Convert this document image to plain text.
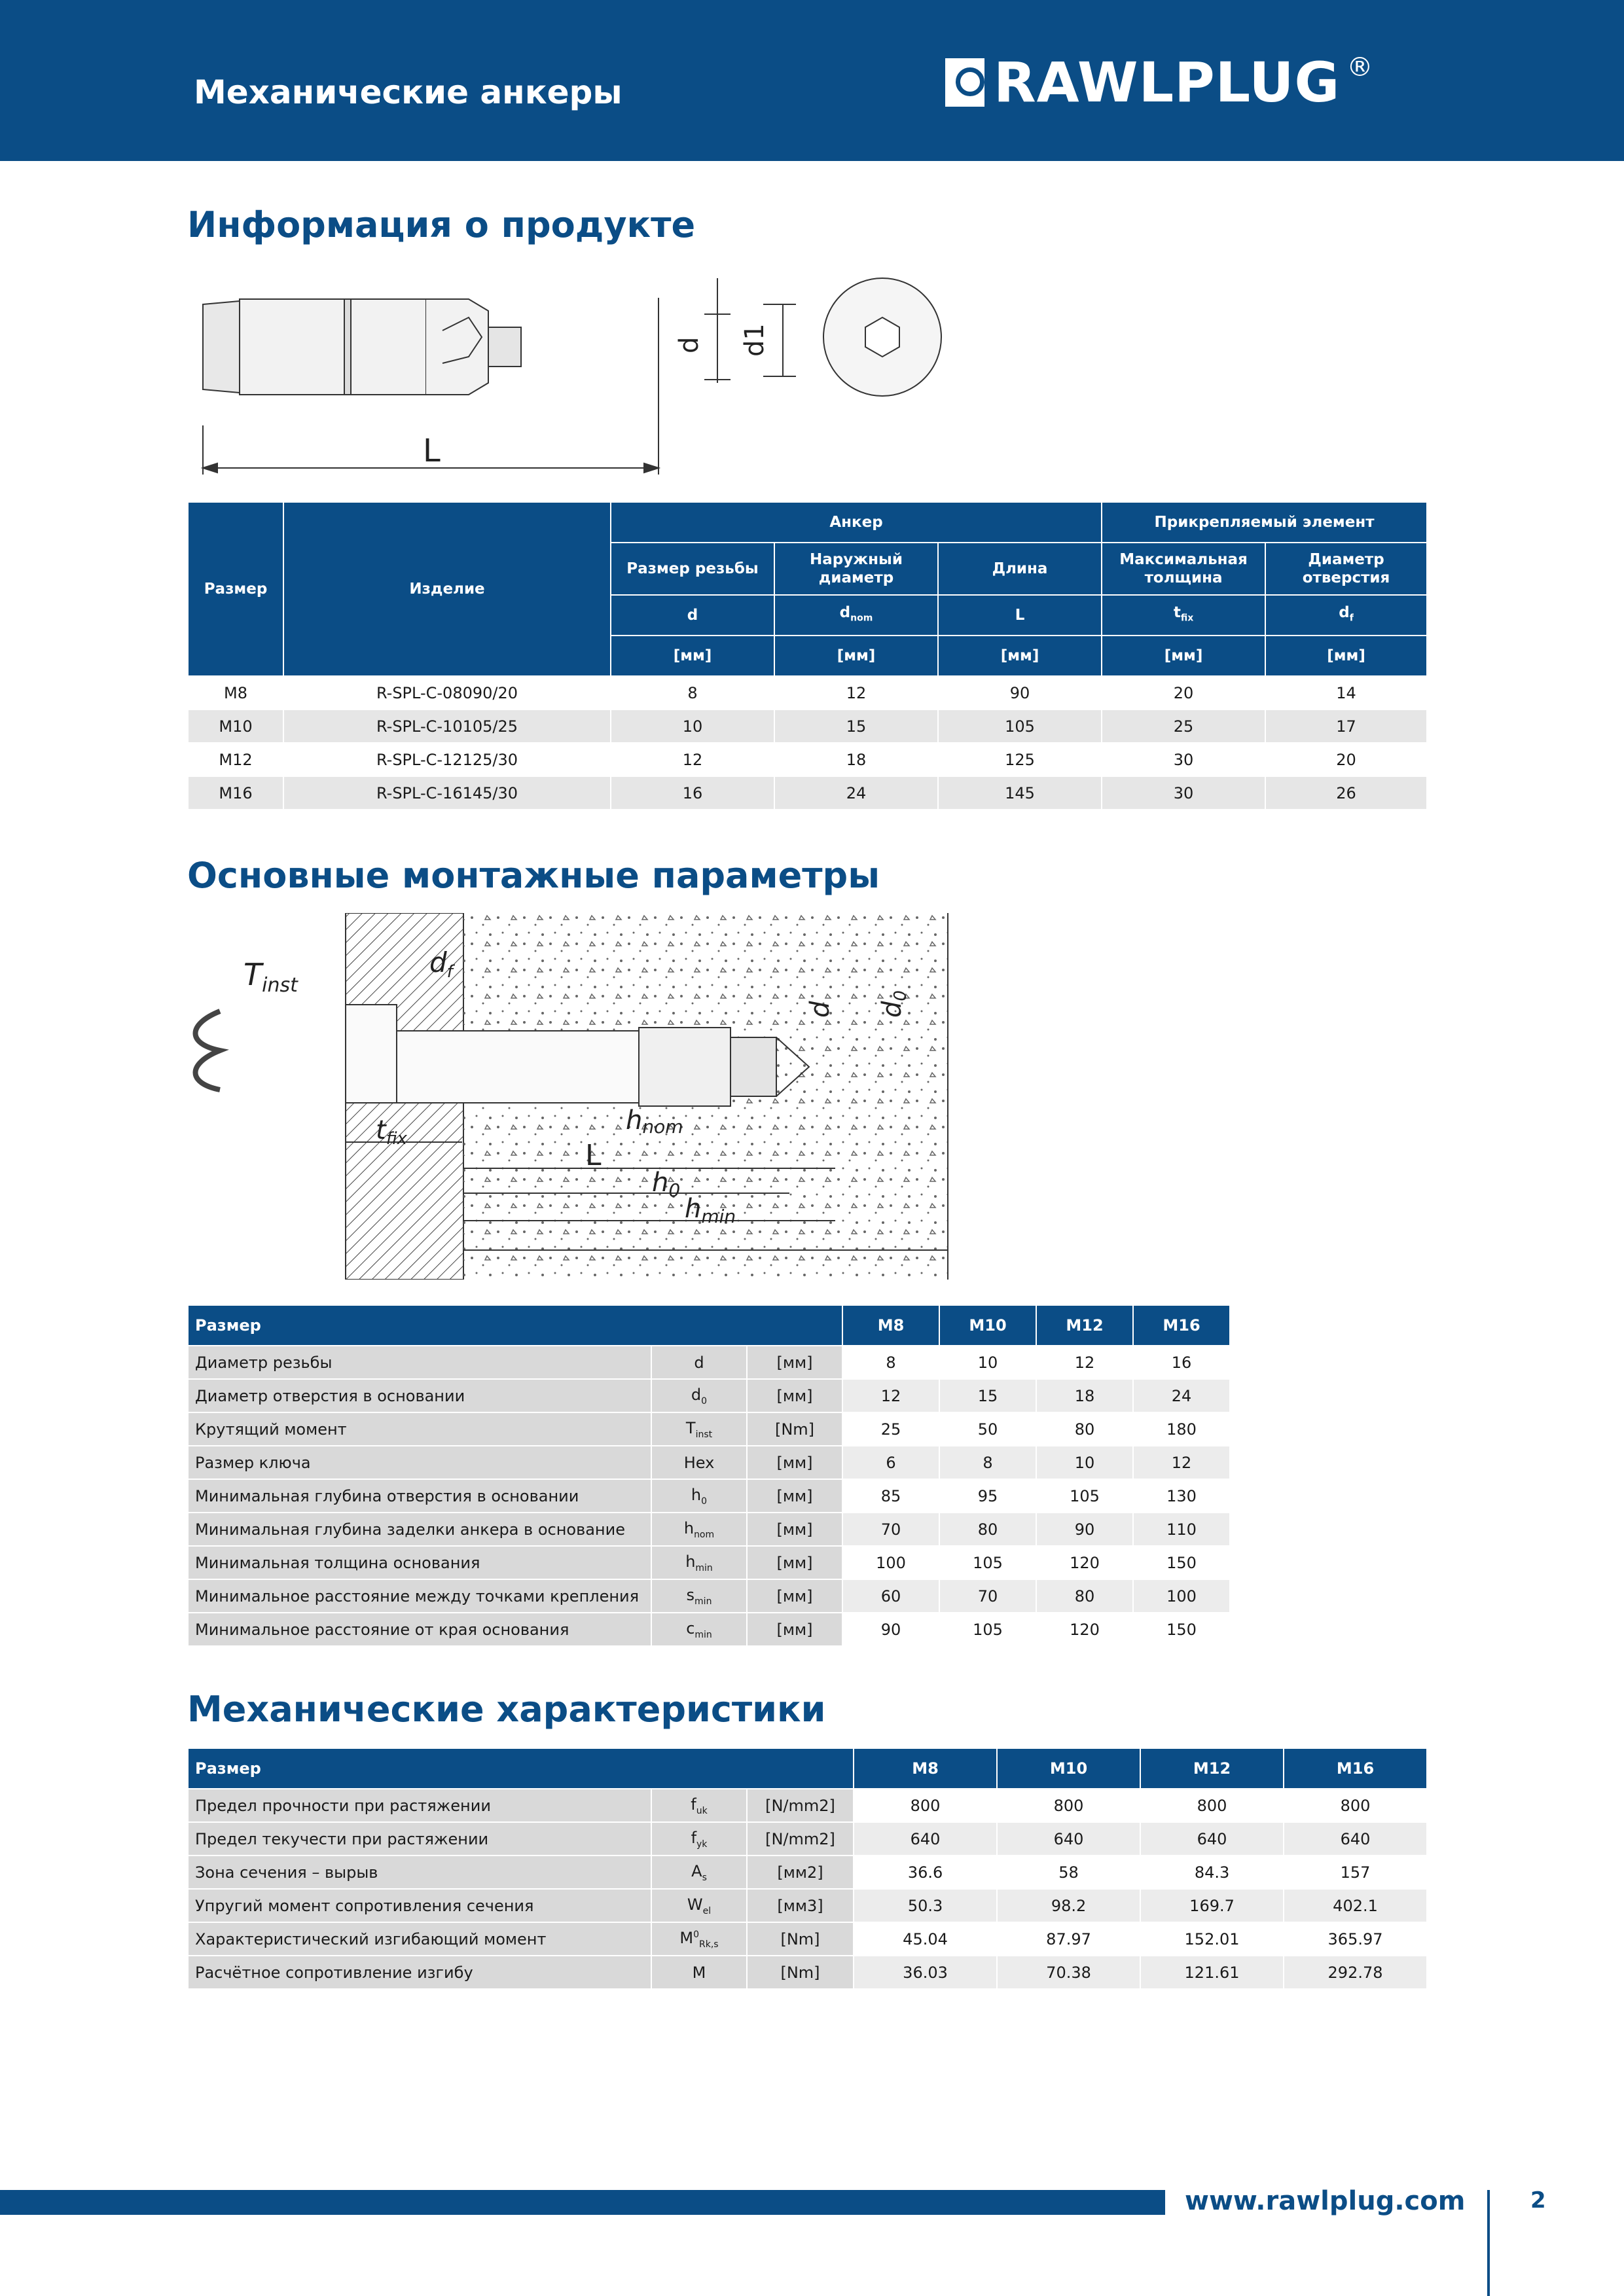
Механические анкеры	RAWLPLUG ®
Информация о продукте
L
d d1
Размер	Изделие	Анкер			Прикрепляемый элемент	
		Размер резьбы	Наружный диаметр	Длина	Максимальная толщина	Диаметр отверстия
		d	$d_{nom}$	L	$t_{fix}$	$d_f$
		[мм]	[мм]	[мм]	[мм]	[мм]
M8	R-SPL-C-08090/20	8	12	90	20	14
M10	R-SPL-C-10105/25	10	15	105	25	17
M12	R-SPL-C-12125/30	12	18	125	30	20
M16	R-SPL-C-16145/30	16	24	145	30	26
Основные монтажные параметры
$T_{inst}$
df
$t_{fix}$
hnom
L
$h_0$
$h_{min}$
d $d_0$
Размер			M8	M10	M12	M16
Диаметр резьбы	d	[мм]	8	10	12	16
Диаметр отверстия в основании	$d_0$	[мм]	12	15	18	24
Крутящий момент	$T_{inst}$	[Nm]	25	50	80	180
Размер ключа	Hex	[мм]	6	8	10	12
Минимальная глубина отверстия в основании	$h_0$	[мм]	85	95	105	130
Минимальная глубина заделки анкера в основание	$h_{nom}$	[мм]	70	80	90	110
Минимальная толщина основания	$h_{min}$	[мм]	100	105	120	150
Минимальное расстояние между точками крепления	$s_{min}$	[мм]	60	70	80	100
Минимальное расстояние от края основания	$c_{min}$	[мм]	90	105	120	150
Механические характеристики
Размер			M8	M10	M12	M16
Предел прочности при растяжении	$f_{uk}$	[N/mm2]	800	800	800	800
Предел текучести при растяжении	$f_{yk}$	[N/mm2]	640	640	640	640
Зона сечения – вырыв	$A_s$	[мм2]	36.6	58	84.3	157
Упругий момент сопротивления сечения	$W_{el}$	[мм3]	50.3	98.2	169.7	402.1
Характеристический изгибающий момент	$M^0_{Rk,s}$	[Nm]	45.04	87.97	152.01	365.97
Расчётное сопротивление изгибу	M	[Nm]	36.03	70.38	121.61	292.78
www.rawlplug.com	2
